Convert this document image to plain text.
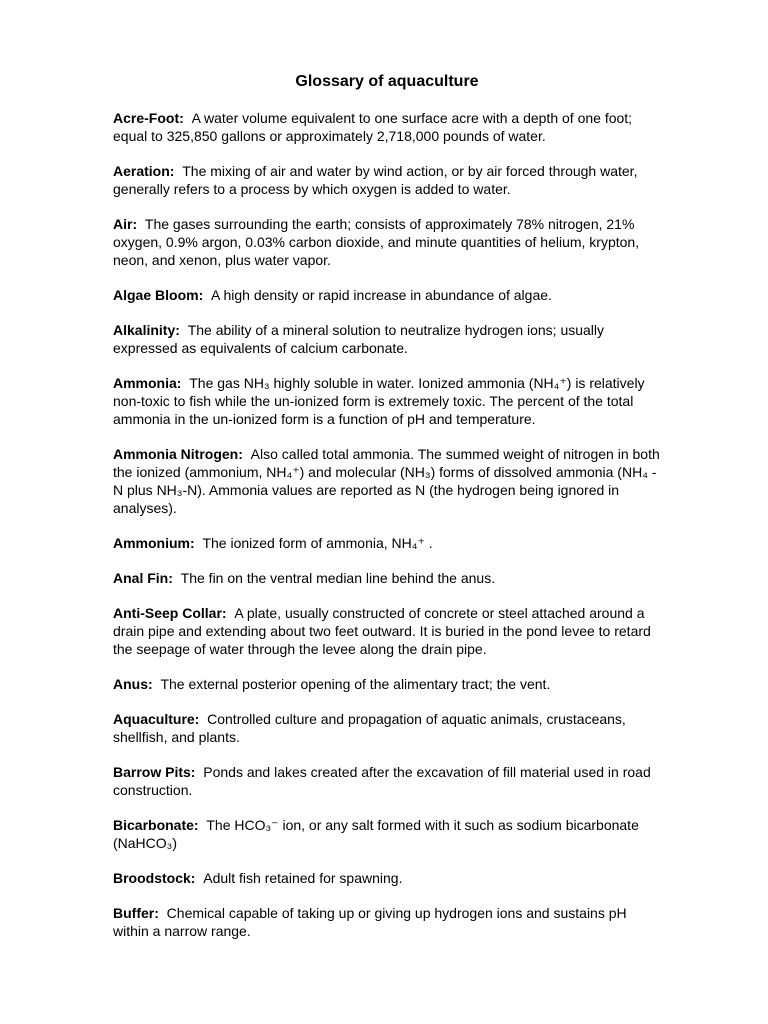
Glossary of aquaculture
Acre-Foot: A water volume equivalent to one surface acre with a depth of one foot; equal to 325,850 gallons or approximately 2,718,000 pounds of water.
Aeration: The mixing of air and water by wind action, or by air forced through water, generally refers to a process by which oxygen is added to water.
Air: The gases surrounding the earth; consists of approximately 78% nitrogen, 21% oxygen, 0.9% argon, 0.03% carbon dioxide, and minute quantities of helium, krypton, neon, and xenon, plus water vapor.
Algae Bloom: A high density or rapid increase in abundance of algae.
Alkalinity: The ability of a mineral solution to neutralize hydrogen ions; usually expressed as equivalents of calcium carbonate.
Ammonia: The gas NH₃ highly soluble in water. Ionized ammonia (NH₄⁺) is relatively non-toxic to fish while the un-ionized form is extremely toxic. The percent of the total ammonia in the un-ionized form is a function of pH and temperature.
Ammonia Nitrogen: Also called total ammonia. The summed weight of nitrogen in both the ionized (ammonium, NH₄⁺) and molecular (NH₃) forms of dissolved ammonia (NH₄ - N plus NH₃-N). Ammonia values are reported as N (the hydrogen being ignored in analyses).
Ammonium: The ionized form of ammonia, NH₄⁺ .
Anal Fin: The fin on the ventral median line behind the anus.
Anti-Seep Collar: A plate, usually constructed of concrete or steel attached around a drain pipe and extending about two feet outward. It is buried in the pond levee to retard the seepage of water through the levee along the drain pipe.
Anus: The external posterior opening of the alimentary tract; the vent.
Aquaculture: Controlled culture and propagation of aquatic animals, crustaceans, shellfish, and plants.
Barrow Pits: Ponds and lakes created after the excavation of fill material used in road construction.
Bicarbonate: The HCO₃⁻ ion, or any salt formed with it such as sodium bicarbonate (NaHCO₃)
Broodstock: Adult fish retained for spawning.
Buffer: Chemical capable of taking up or giving up hydrogen ions and sustains pH within a narrow range.
